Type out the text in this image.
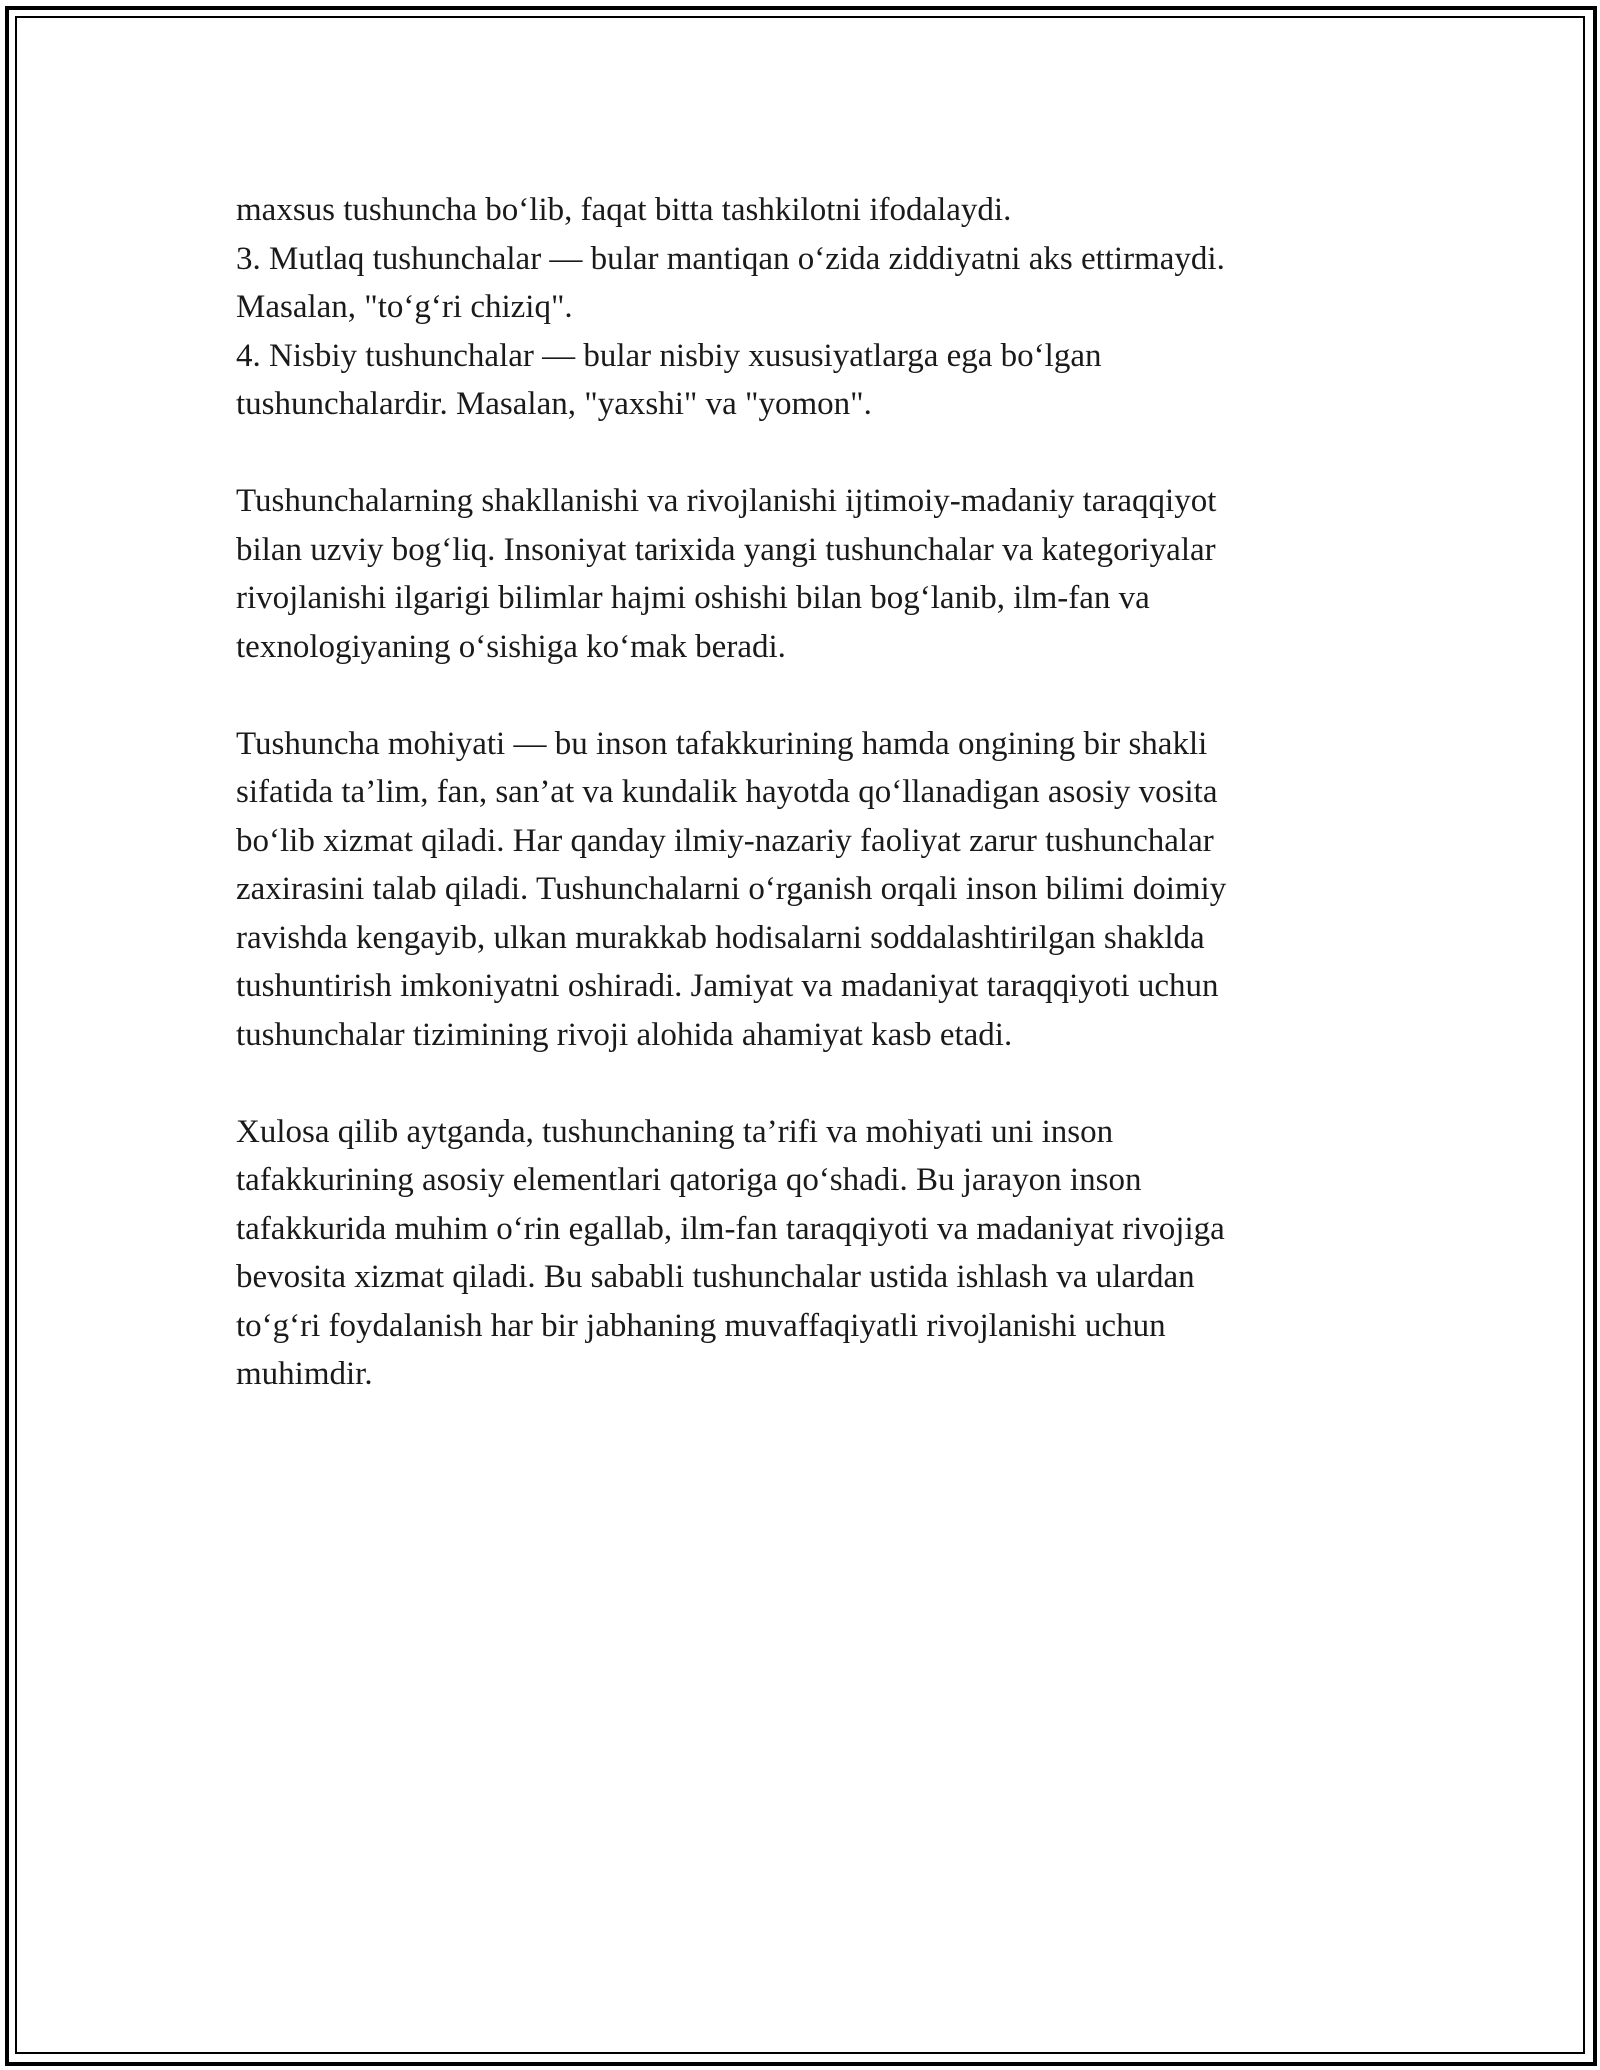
maxsus tushuncha bo‘lib, faqat bitta tashkilotni ifodalaydi.
3. Mutlaq tushunchalar — bular mantiqan o‘zida ziddiyatni aks ettirmaydi.
Masalan, "to‘g‘ri chiziq".
4. Nisbiy tushunchalar — bular nisbiy xususiyatlarga ega bo‘lgan
tushunchalardir. Masalan, "yaxshi" va "yomon".
Tushunchalarning shakllanishi va rivojlanishi ijtimoiy-madaniy taraqqiyot
bilan uzviy bog‘liq. Insoniyat tarixida yangi tushunchalar va kategoriyalar
rivojlanishi ilgarigi bilimlar hajmi oshishi bilan bog‘lanib, ilm-fan va
texnologiyaning o‘sishiga ko‘mak beradi.
Tushuncha mohiyati — bu inson tafakkurining hamda ongining bir shakli
sifatida ta’lim, fan, san’at va kundalik hayotda qo‘llanadigan asosiy vosita
bo‘lib xizmat qiladi. Har qanday ilmiy-nazariy faoliyat zarur tushunchalar
zaxirasini talab qiladi. Tushunchalarni o‘rganish orqali inson bilimi doimiy
ravishda kengayib, ulkan murakkab hodisalarni soddalashtirilgan shaklda
tushuntirish imkoniyatni oshiradi. Jamiyat va madaniyat taraqqiyoti uchun
tushunchalar tizimining rivoji alohida ahamiyat kasb etadi.
Xulosa qilib aytganda, tushunchaning ta’rifi va mohiyati uni inson
tafakkurining asosiy elementlari qatoriga qo‘shadi. Bu jarayon inson
tafakkurida muhim o‘rin egallab, ilm-fan taraqqiyoti va madaniyat rivojiga
bevosita xizmat qiladi. Bu sababli tushunchalar ustida ishlash va ulardan
to‘g‘ri foydalanish har bir jabhaning muvaffaqiyatli rivojlanishi uchun
muhimdir.
